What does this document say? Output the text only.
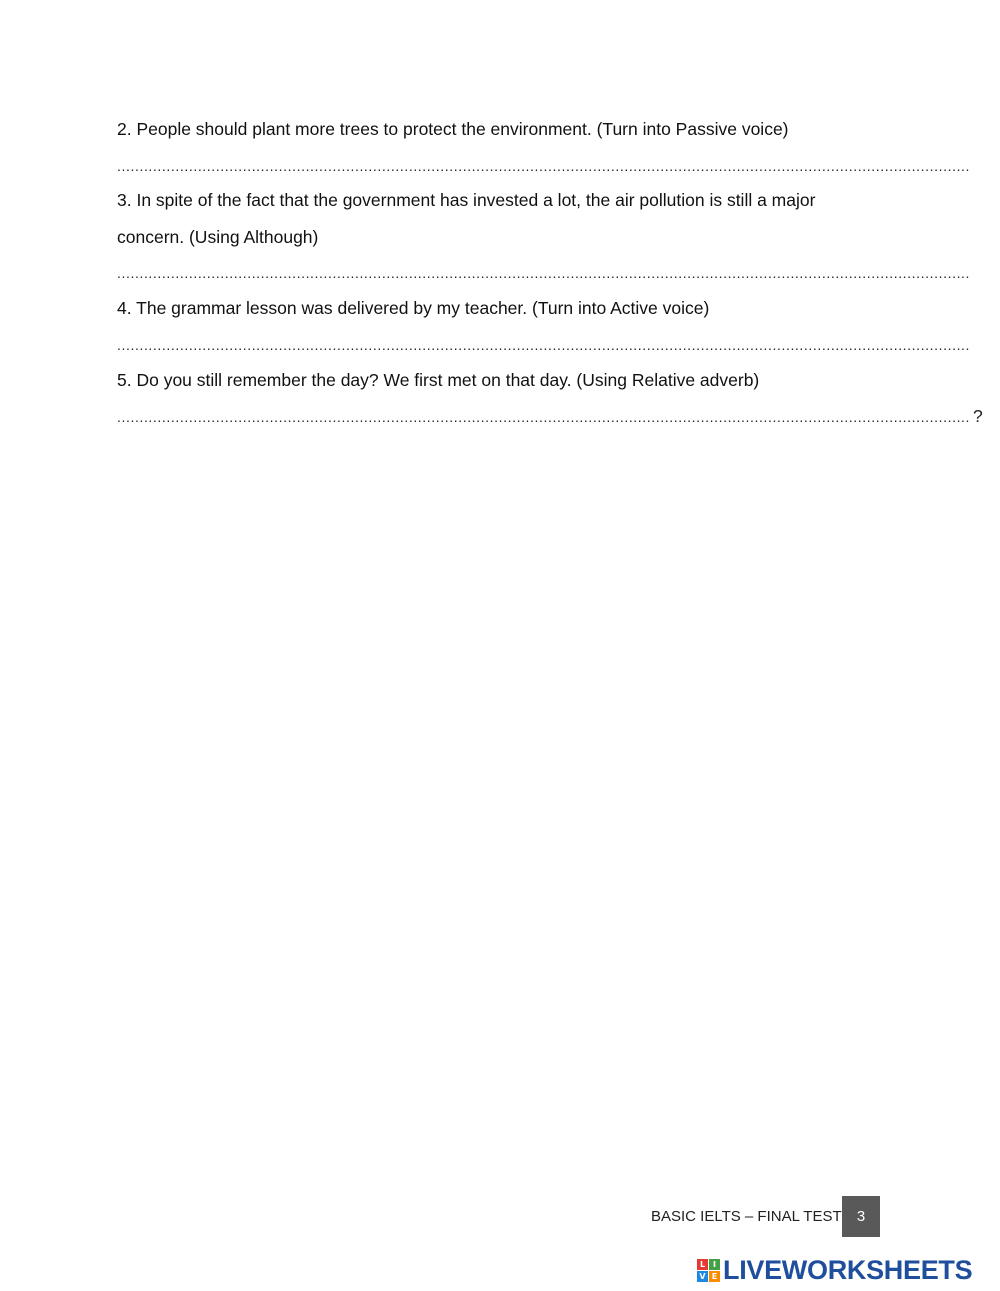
2. People should plant more trees to protect the environment. (Turn into Passive voice)
..............................................................................................................................................................................................
3. In spite of the fact that the government has invested a lot, the air pollution is still a major
concern. (Using Although)
..............................................................................................................................................................................................
4. The grammar lesson was delivered by my teacher. (Turn into Active voice)
..............................................................................................................................................................................................
5. Do you still remember the day? We first met on that day. (Using Relative adverb)
.............................................................................................................................................................................................. ?
BASIC IELTS – FINAL TEST 3
L I
V E LIVEWORKSHEETS
